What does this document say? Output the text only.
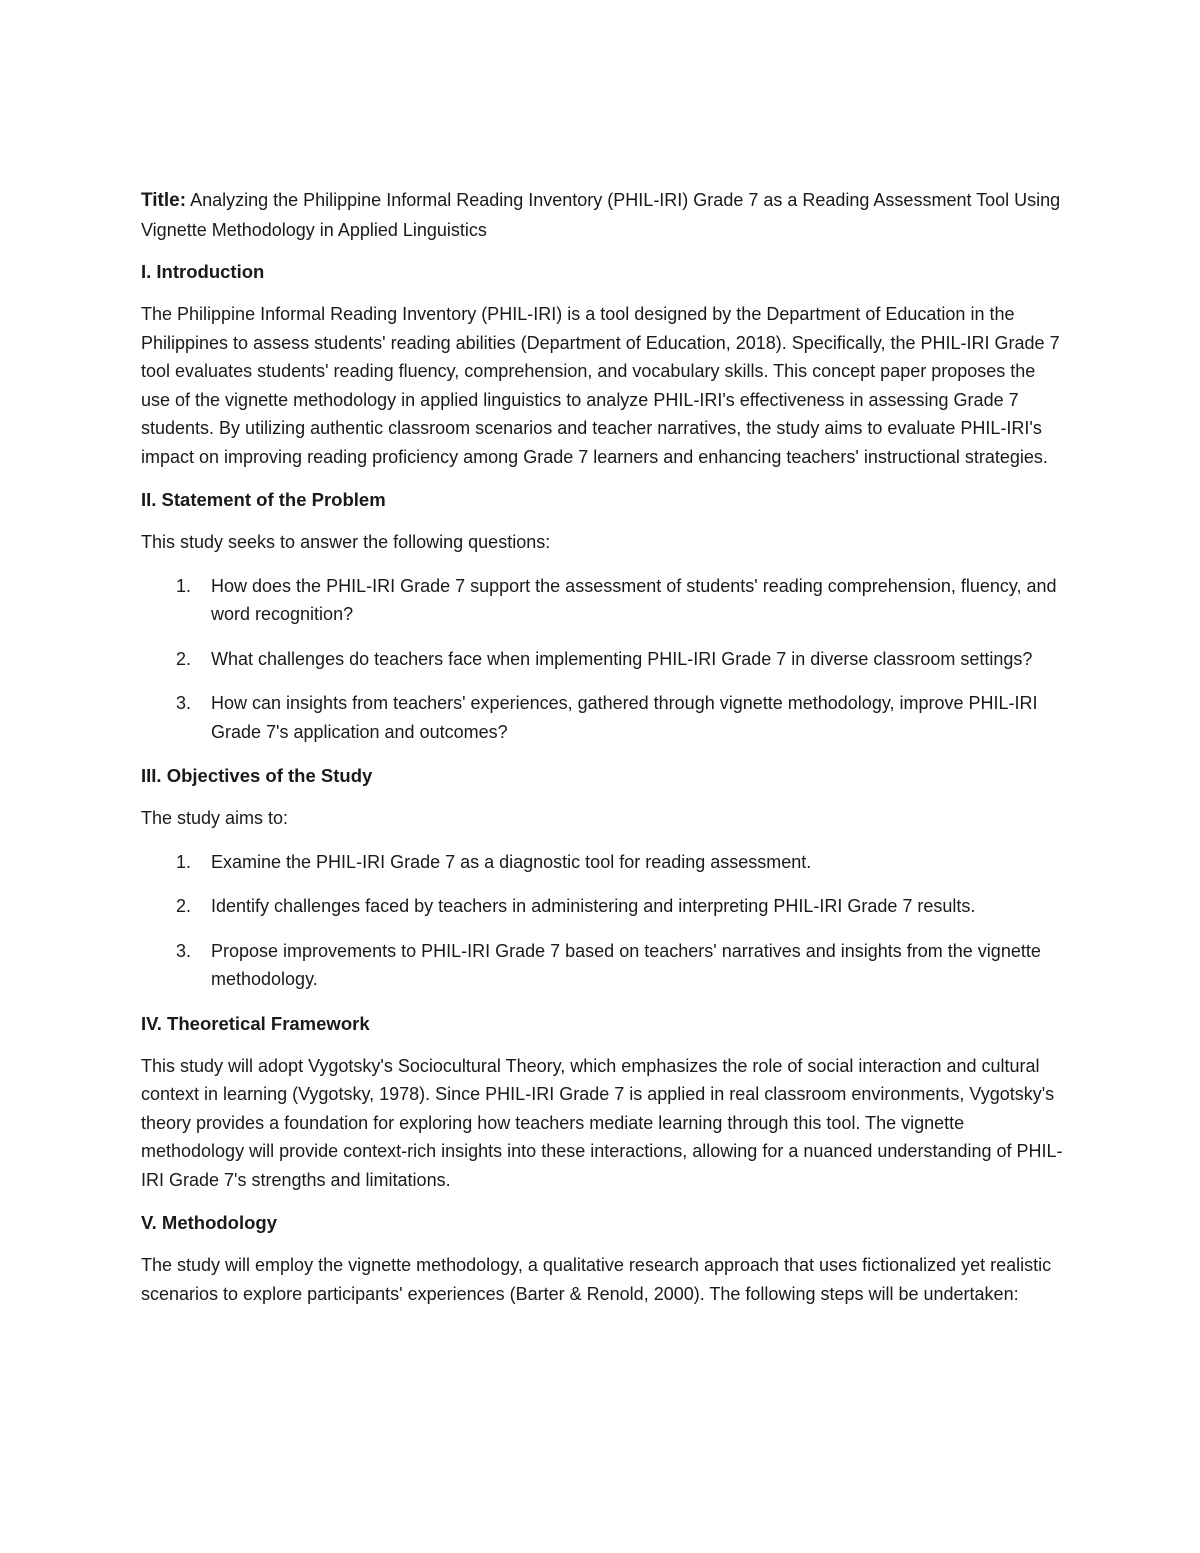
Title: Analyzing the Philippine Informal Reading Inventory (PHIL-IRI) Grade 7 as a Reading Assessment Tool Using Vignette Methodology in Applied Linguistics

I. Introduction

The Philippine Informal Reading Inventory (PHIL-IRI) is a tool designed by the Department of Education in the Philippines to assess students' reading abilities (Department of Education, 2018). Specifically, the PHIL-IRI Grade 7 tool evaluates students' reading fluency, comprehension, and vocabulary skills. This concept paper proposes the use of the vignette methodology in applied linguistics to analyze PHIL-IRI's effectiveness in assessing Grade 7 students. By utilizing authentic classroom scenarios and teacher narratives, the study aims to evaluate PHIL-IRI's impact on improving reading proficiency among Grade 7 learners and enhancing teachers' instructional strategies.

II. Statement of the Problem

This study seeks to answer the following questions:

1. How does the PHIL-IRI Grade 7 support the assessment of students' reading comprehension, fluency, and word recognition?
2. What challenges do teachers face when implementing PHIL-IRI Grade 7 in diverse classroom settings?
3. How can insights from teachers' experiences, gathered through vignette methodology, improve PHIL-IRI Grade 7's application and outcomes?
III. Objectives of the Study

The study aims to:

1. Examine the PHIL-IRI Grade 7 as a diagnostic tool for reading assessment.
2. Identify challenges faced by teachers in administering and interpreting PHIL-IRI Grade 7 results.
3. Propose improvements to PHIL-IRI Grade 7 based on teachers' narratives and insights from the vignette methodology.
IV. Theoretical Framework

This study will adopt Vygotsky's Sociocultural Theory, which emphasizes the role of social interaction and cultural context in learning (Vygotsky, 1978). Since PHIL-IRI Grade 7 is applied in real classroom environments, Vygotsky's theory provides a foundation for exploring how teachers mediate learning through this tool. The vignette methodology will provide context-rich insights into these interactions, allowing for a nuanced understanding of PHIL-IRI Grade 7's strengths and limitations.

V. Methodology

The study will employ the vignette methodology, a qualitative research approach that uses fictionalized yet realistic scenarios to explore participants' experiences (Barter & Renold, 2000). The following steps will be undertaken:
